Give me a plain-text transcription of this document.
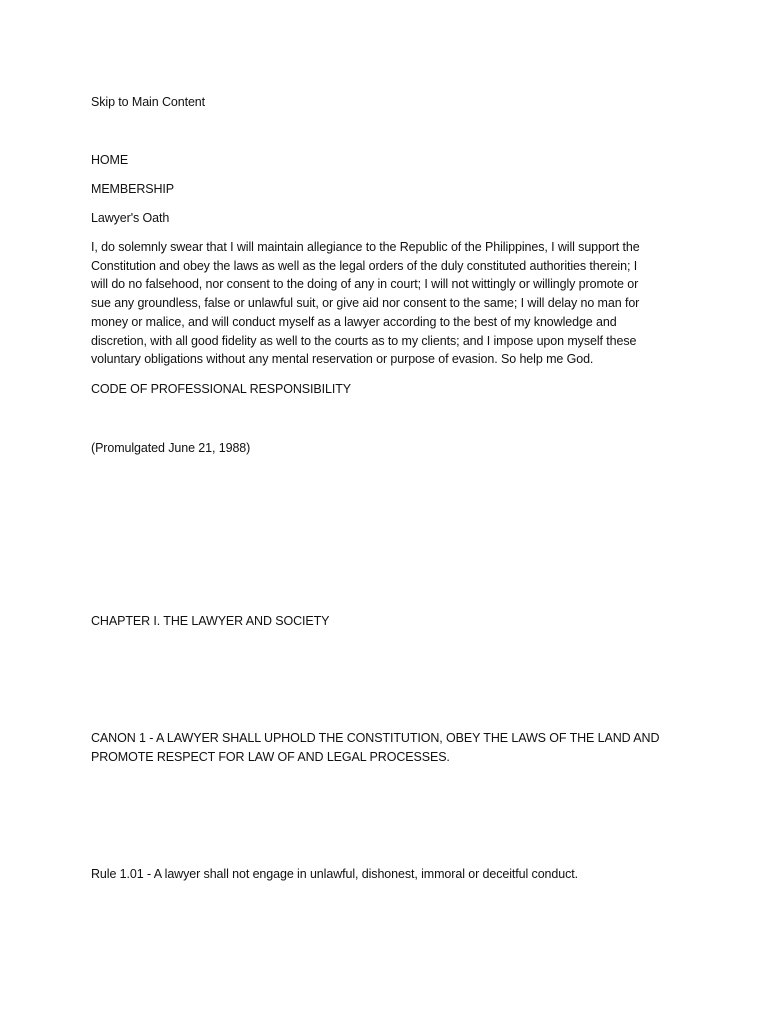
Skip to Main Content
HOME
MEMBERSHIP
Lawyer's Oath
I, do solemnly swear that I will maintain allegiance to the Republic of the Philippines, I will support the
Constitution and obey the laws as well as the legal orders of the duly constituted authorities therein; I
will do no falsehood, nor consent to the doing of any in court; I will not wittingly or willingly promote or
sue any groundless, false or unlawful suit, or give aid nor consent to the same; I will delay no man for
money or malice, and will conduct myself as a lawyer according to the best of my knowledge and
discretion, with all good fidelity as well to the courts as to my clients; and I impose upon myself these
voluntary obligations without any mental reservation or purpose of evasion. So help me God.
CODE OF PROFESSIONAL RESPONSIBILITY
(Promulgated June 21, 1988)
CHAPTER I. THE LAWYER AND SOCIETY
CANON 1 - A LAWYER SHALL UPHOLD THE CONSTITUTION, OBEY THE LAWS OF THE LAND AND
PROMOTE RESPECT FOR LAW OF AND LEGAL PROCESSES.
Rule 1.01 - A lawyer shall not engage in unlawful, dishonest, immoral or deceitful conduct.
